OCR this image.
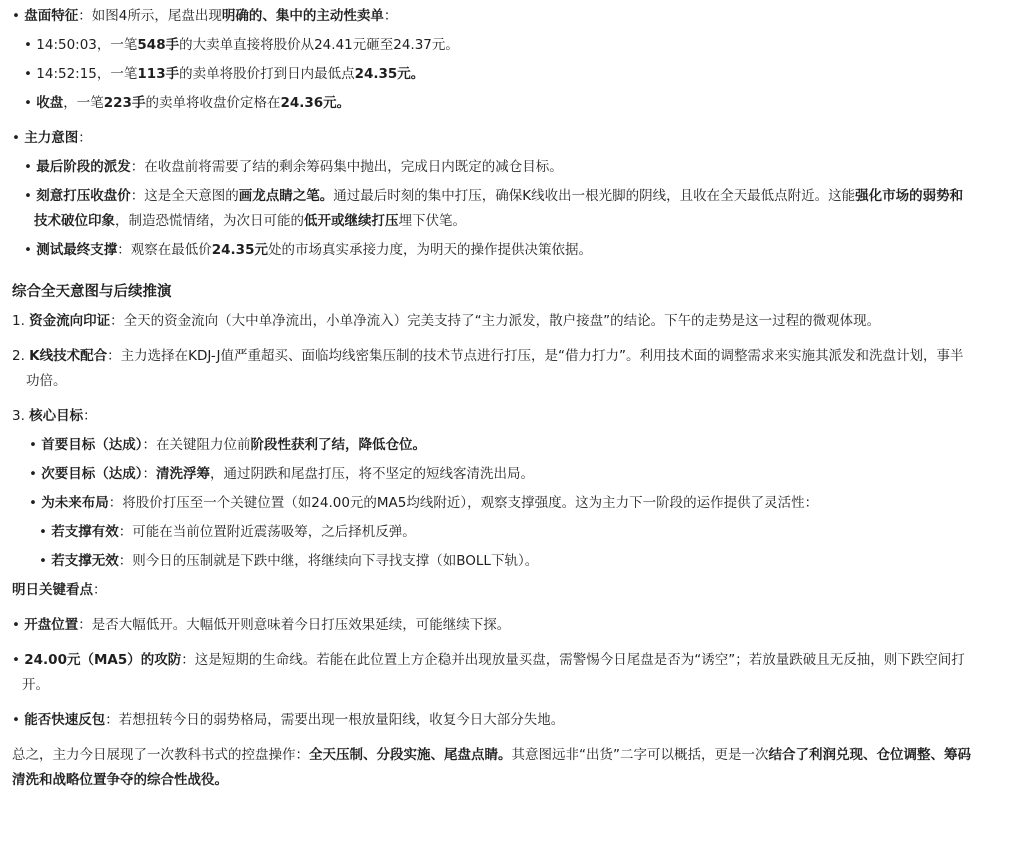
• 盘面特征：如图4所示，尾盘出现明确的、集中的主动性卖单：
• 14:50:03，一笔548手的大卖单直接将股价从24.41元砸至24.37元。
• 14:52:15，一笔113手的卖单将股价打到日内最低点24.35元。
• 收盘，一笔223手的卖单将收盘价定格在24.36元。
• 主力意图：
• 最后阶段的派发：在收盘前将需要了结的剩余筹码集中抛出，完成日内既定的减仓目标。
• 刻意打压收盘价：这是全天意图的画龙点睛之笔。通过最后时刻的集中打压，确保K线收出一根光脚的阴线，且收在全天最低点附近。这能强化市场的弱势和技术破位印象，制造恐慌情绪，为次日可能的低开或继续打压埋下伏笔。
• 测试最终支撑：观察在最低价24.35元处的市场真实承接力度，为明天的操作提供决策依据。
综合全天意图与后续推演
1. 资金流向印证：全天的资金流向（大中单净流出，小单净流入）完美支持了“主力派发，散户接盘”的结论。下午的走势是这一过程的微观体现。
2. K线技术配合：主力选择在KDJ-J值严重超买、面临均线密集压制的技术节点进行打压，是“借力打力”。利用技术面的调整需求来实施其派发和洗盘计划，事半功倍。
3. 核心目标：
• 首要目标（达成）：在关键阻力位前阶段性获利了结，降低仓位。
• 次要目标（达成）：清洗浮筹，通过阴跌和尾盘打压，将不坚定的短线客清洗出局。
• 为未来布局：将股价打压至一个关键位置（如24.00元的MA5均线附近），观察支撑强度。这为主力下一阶段的运作提供了灵活性：
• 若支撑有效：可能在当前位置附近震荡吸筹，之后择机反弹。
• 若支撑无效：则今日的压制就是下跌中继，将继续向下寻找支撑（如BOLL下轨）。
明日关键看点：
• 开盘位置：是否大幅低开。大幅低开则意味着今日打压效果延续，可能继续下探。
• 24.00元（MA5）的攻防：这是短期的生命线。若能在此位置上方企稳并出现放量买盘，需警惕今日尾盘是否为“诱空”；若放量跌破且无反抽，则下跌空间打开。
• 能否快速反包：若想扭转今日的弱势格局，需要出现一根放量阳线，收复今日大部分失地。
总之，主力今日展现了一次教科书式的控盘操作：全天压制、分段实施、尾盘点睛。其意图远非“出货”二字可以概括，更是一次结合了利润兑现、仓位调整、筹码清洗和战略位置争夺的综合性战役。
